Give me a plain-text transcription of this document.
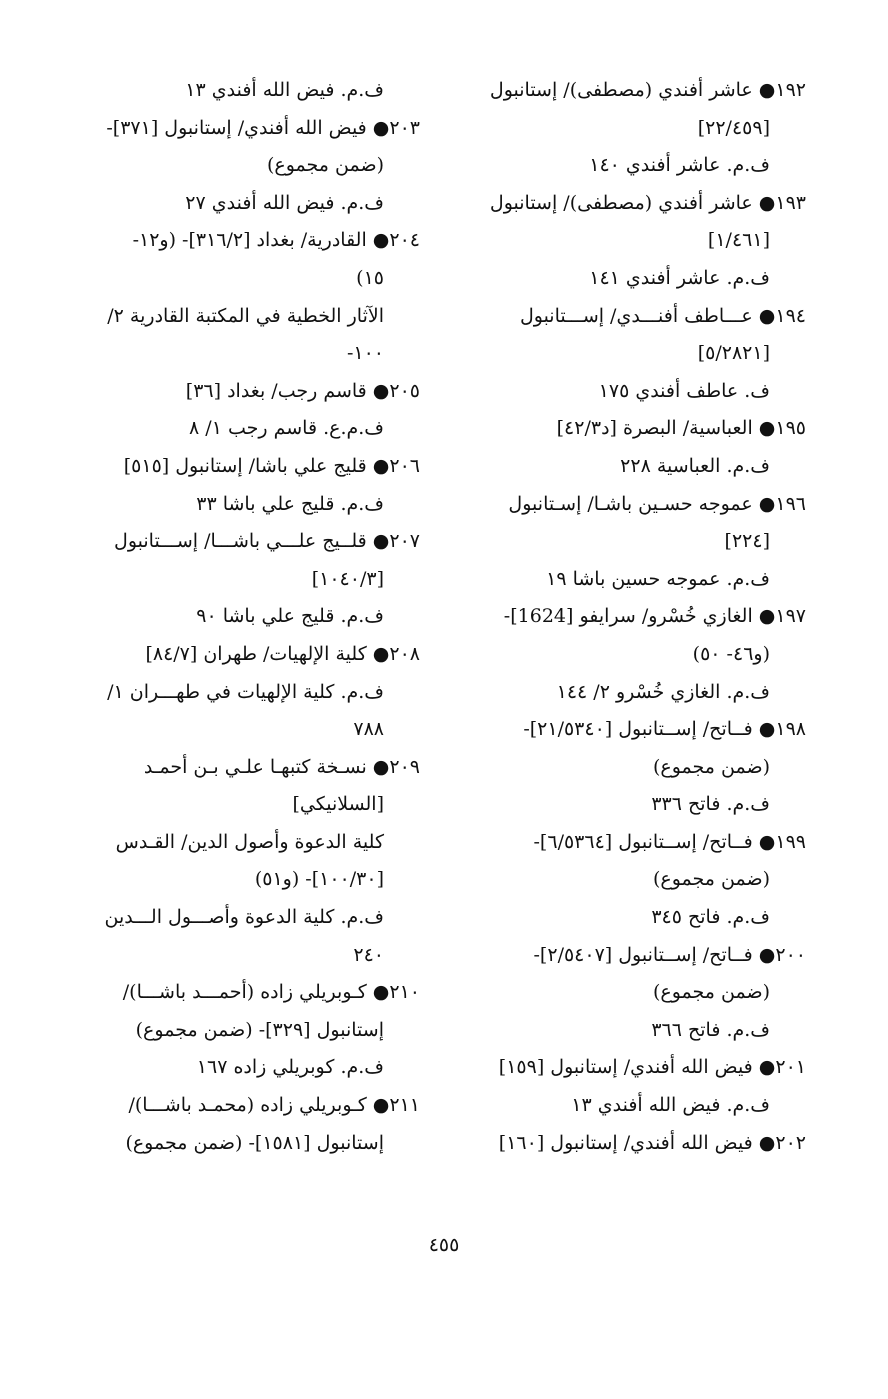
١٩٢● عاشر أفندي (مصطفى)/ إستانبول
[٢٢/٤٥٩]
ف.م. عاشر أفندي ١٤٠
١٩٣● عاشر أفندي (مصطفى)/ إستانبول
[١/٤٦١]
ف.م. عاشر أفندي ١٤١
١٩٤● عـــاطف أفنـــدي/ إســـتانبول
[٥/٢٨٢١]
ف. عاطف أفندي ١٧٥
١٩٥● العباسية/ البصرة [د٤٢/٣]
ف.م. العباسية ٢٢٨
١٩٦● عموجه حسـين باشـا/ إسـتانبول
[٢٢٤]
ف.م. عموجه حسين باشا ١٩
١٩٧● الغازي خُسْرو/ سرايفو [1624]-
(و٤٦- ٥٠)
ف.م. الغازي خُسْرو ٢/ ١٤٤
١٩٨● فــاتح/ إســتانبول [٢١/٥٣٤٠]-
(ضمن مجموع)
ف.م. فاتح ٣٣٦
١٩٩● فــاتح/ إســتانبول [٦/٥٣٦٤]-
(ضمن مجموع)
ف.م. فاتح ٣٤٥
٢٠٠● فــاتح/ إســتانبول [٢/٥٤٠٧]-
(ضمن مجموع)
ف.م. فاتح ٣٦٦
٢٠١● فيض الله أفندي/ إستانبول [١٥٩]
ف.م. فيض الله أفندي ١٣
٢٠٢● فيض الله أفندي/ إستانبول [١٦٠]
ف.م. فيض الله أفندي ١٣
٢٠٣● فيض الله أفندي/ إستانبول [٣٧١]-
(ضمن مجموع)
ف.م. فيض الله أفندي ٢٧
٢٠٤● القادرية/ بغداد [٣١٦/٢]- (و١٢-
١٥)
الآثار الخطية في المكتبة القادرية ٢/
١٠٠-
٢٠٥● قاسم رجب/ بغداد [٣٦]
ف.م.ع. قاسم رجب ١/ ٨
٢٠٦● قليج علي باشا/ إستانبول [٥١٥]
ف.م. قليج علي باشا ٣٣
٢٠٧● قلــيج علـــي باشـــا/ إســـتانبول
[١٠٤٠/٣]
ف.م. قليج علي باشا ٩٠
٢٠٨● كلية الإلهيات/ طهران [٨٤/٧]
ف.م. كلية الإلهيات في طهـــران ١/
٧٨٨
٢٠٩● نسـخة كتبهـا علـي بـن أحمـد
[السلانيكي]
كلية الدعوة وأصول الدين/ القـدس
[١٠٠/٣٠]- (و٥١)
ف.م. كلية الدعوة وأصـــول الـــدين
٢٤٠
٢١٠● كـوبريلي زاده (أحمـــد باشـــا)/
إستانبول [٣٢٩]- (ضمن مجموع)
ف.م. كوبريلي زاده ١٦٧
٢١١● كـوبريلي زاده (محمـد باشـــا)/
إستانبول [١٥٨١]- (ضمن مجموع)
٤٥٥
